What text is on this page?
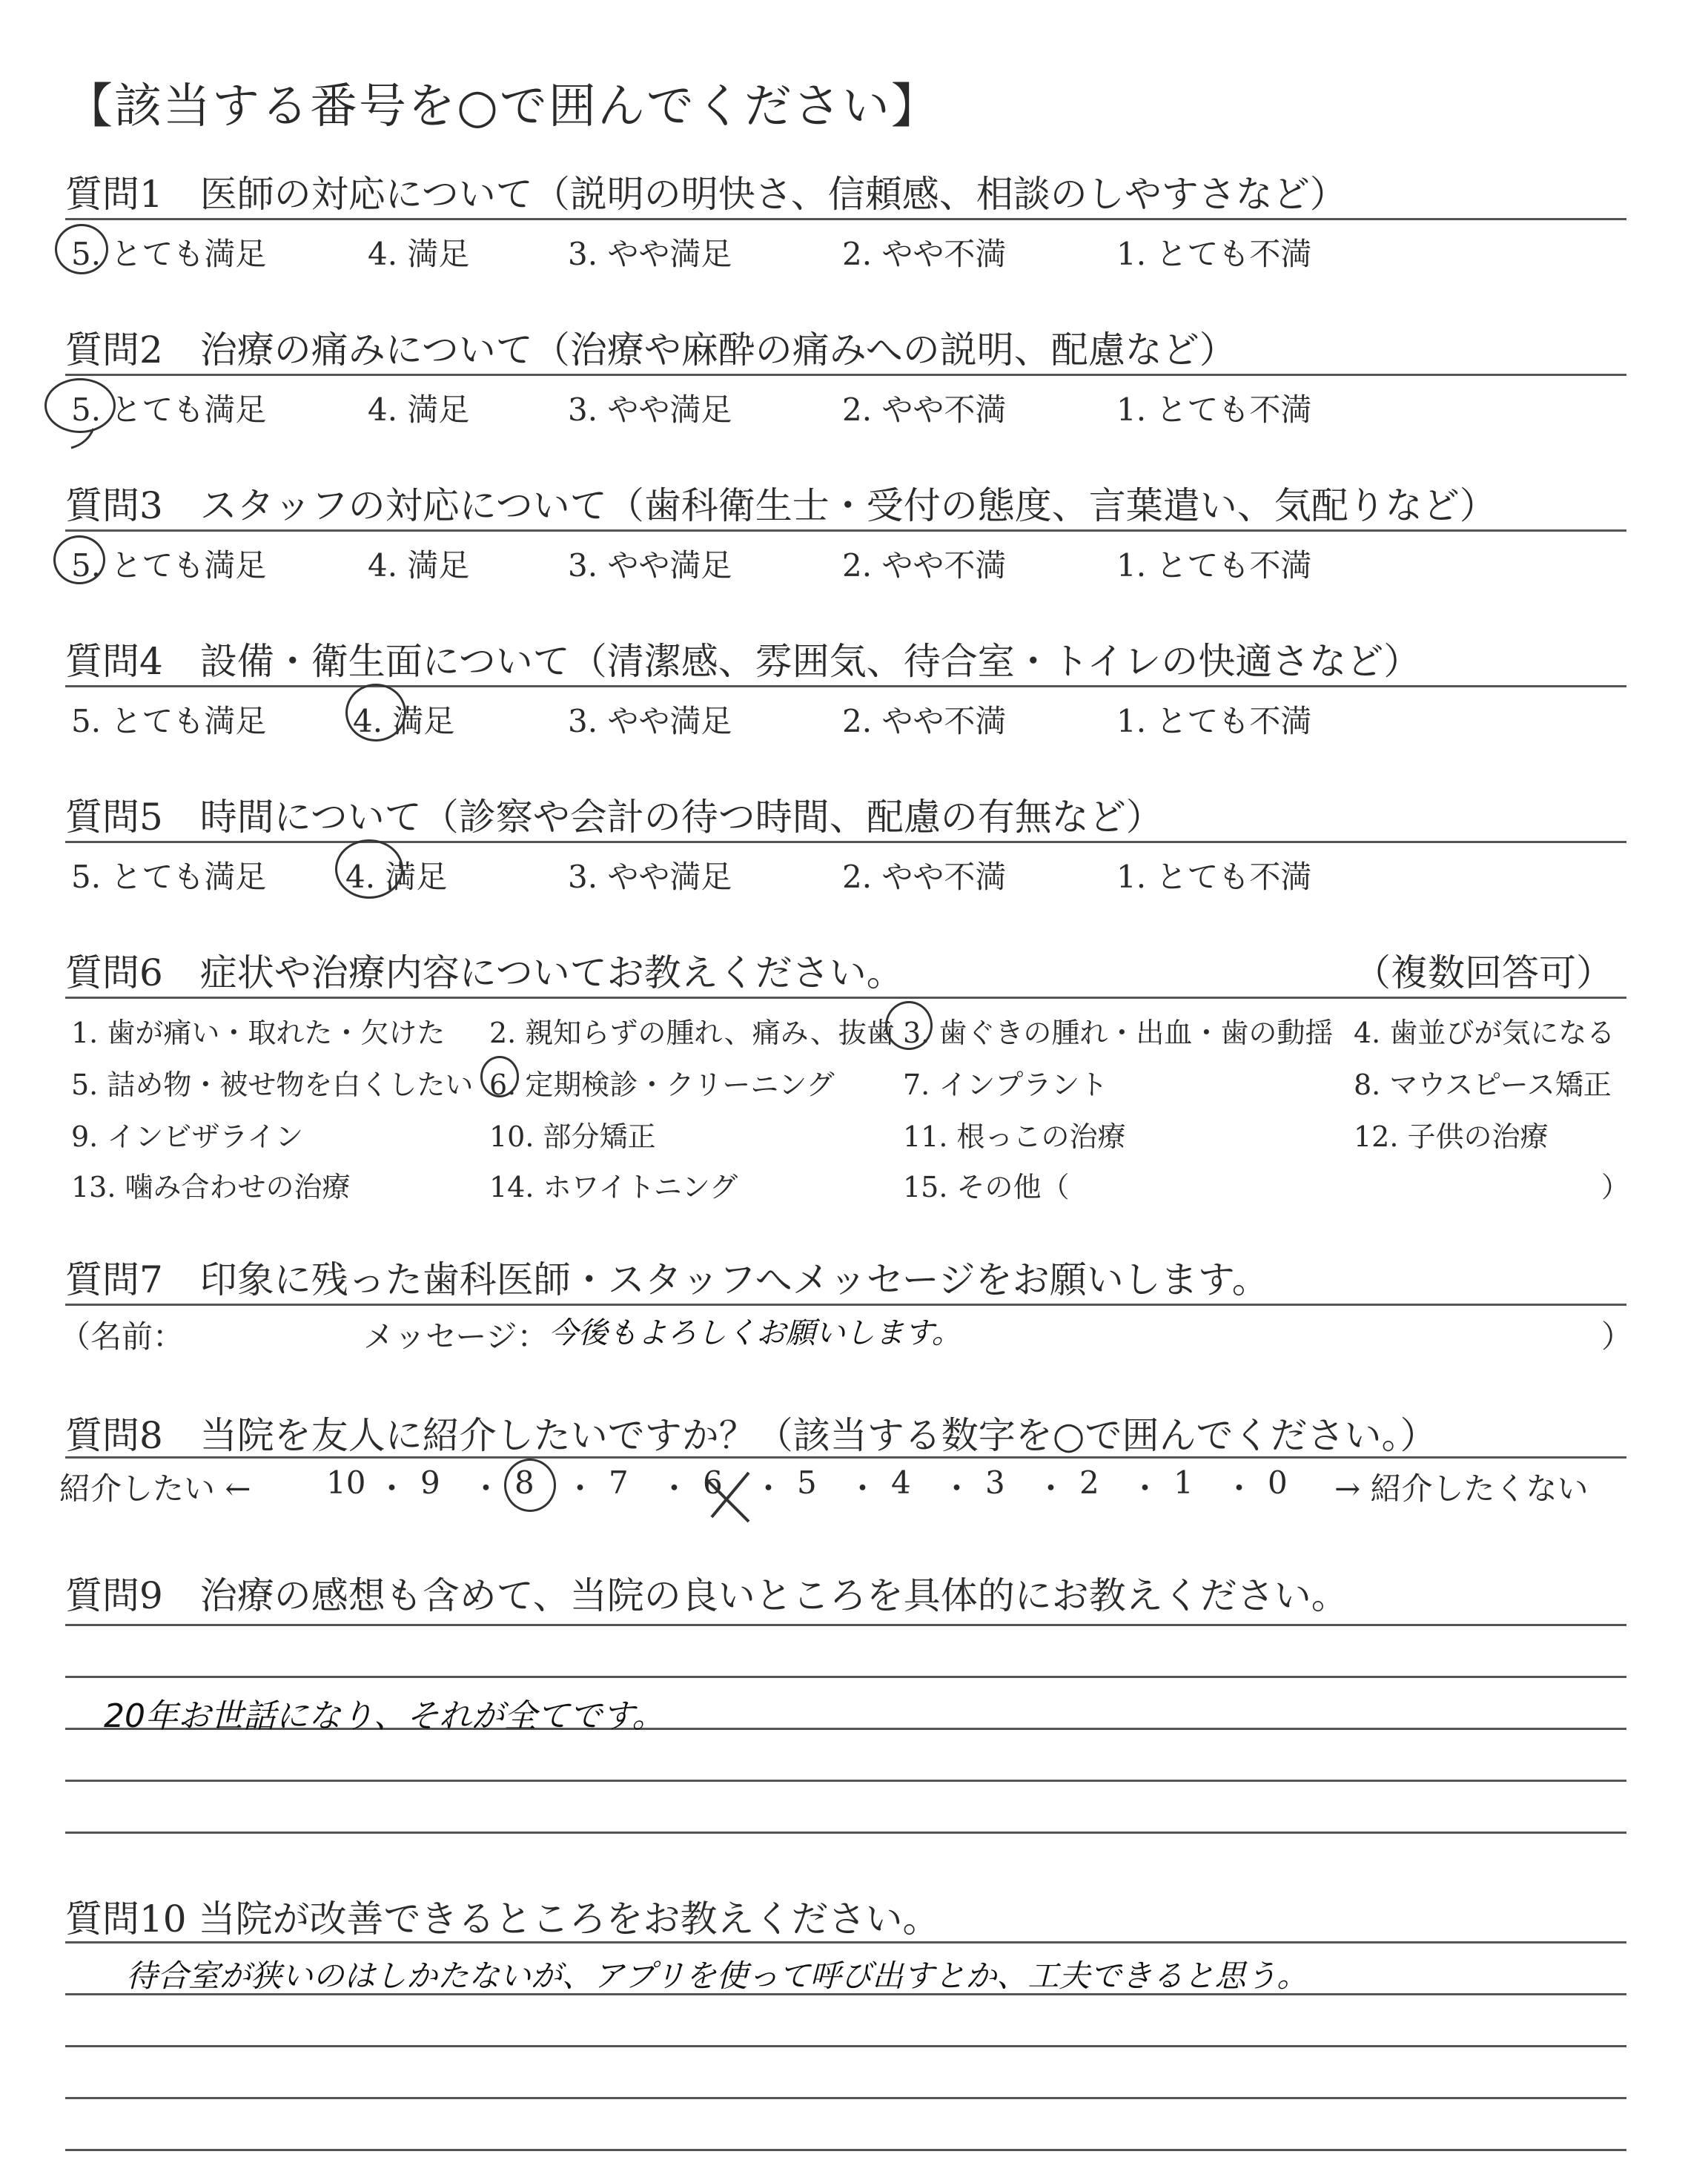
【該当する番号を○で囲んでください】
質問1　医師の対応について（説明の明快さ、信頼感、相談のしやすさなど）
5. とても満足	4. 満足	3. やや満足	2. やや不満	1. とても不満
質問2　治療の痛みについて（治療や麻酔の痛みへの説明、配慮など）
5. とても満足	4. 満足	3. やや満足	2. やや不満	1. とても不満
質問3　スタッフの対応について（歯科衛生士・受付の態度、言葉遣い、気配りなど）
5. とても満足	4. 満足	3. やや満足	2. やや不満	1. とても不満
質問4　設備・衛生面について（清潔感、雰囲気、待合室・トイレの快適さなど）
5. とても満足	4. 満足	3. やや満足	2. やや不満	1. とても不満
質問5　時間について（診察や会計の待つ時間、配慮の有無など）
5. とても満足	4. 満足	3. やや満足	2. やや不満	1. とても不満
質問6　症状や治療内容についてお教えください。	（複数回答可）
1. 歯が痛い・取れた・欠けた 2. 親知らずの腫れ、痛み、抜歯 3. 歯ぐきの腫れ・出血・歯の動揺 4. 歯並びが気になる
5. 詰め物・被せ物を白くしたい 6. 定期検診・クリーニング 7. インプラント	8. マウスピース矯正
9. インビザライン	10. 部分矯正	11. 根っこの治療	12. 子供の治療
13. 噛み合わせの治療	14. ホワイトニング	15. その他（	）
質問7　印象に残った歯科医師・スタッフへメッセージをお願いします。
（名前：	メッセージ： 今後もよろしくお願いします。	）
質問8　当院を友人に紹介したいですか？（該当する数字を○で囲んでください。）
紹介したい ←	→ 紹介したくない
10 ・ 9 ・ 8 ・ 7 ・ 6 ・ 5 ・ 4 ・ 3 ・ 2 ・ 1 ・ 0
質問9　治療の感想も含めて、当院の良いところを具体的にお教えください。
20年お世話になり、それが全てです。
質問10 当院が改善できるところをお教えください。
待合室が狭いのはしかたないが、アプリを使って呼び出すとか、工夫できると思う。
